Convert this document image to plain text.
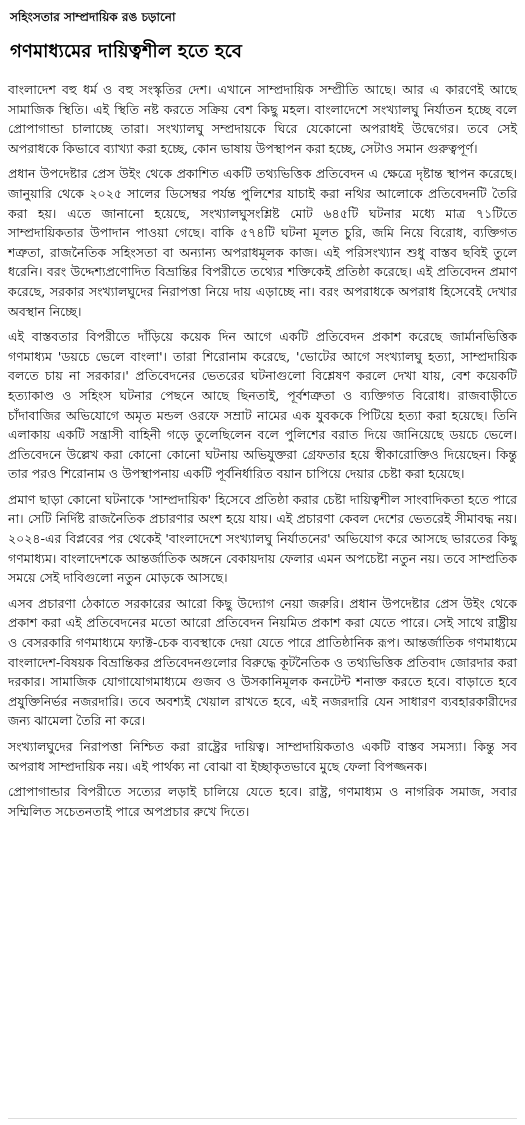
সহিংসতার সাম্প্রদায়িক রঙ চড়ানো
গণমাধ্যমের দায়িত্বশীল হতে হবে

বাংলাদেশ বহু ধর্ম ও বহু সংস্কৃতির দেশ। এখানে সাম্প্রদায়িক সম্প্রীতি আছে। আর এ কারণেই আছে সামাজিক স্থিতি। এই স্থিতি নষ্ট করতে সক্রিয় বেশ কিছু মহল। বাংলাদেশে সংখ্যালঘু নির্যাতন হচ্ছে বলে প্রোপাগান্ডা চালাচ্ছে তারা। সংখ্যালঘু সম্প্রদায়কে ঘিরে যেকোনো অপরাধই উদ্বেগের। তবে সেই অপরাধকে কিভাবে ব্যাখ্যা করা হচ্ছে, কোন ভাষায় উপস্থাপন করা হচ্ছে, সেটাও সমান গুরুত্বপূর্ণ।

প্রধান উপদেষ্টার প্রেস উইং থেকে প্রকাশিত একটি তথ্যভিত্তিক প্রতিবেদন এ ক্ষেত্রে দৃষ্টান্ত স্থাপন করেছে। জানুয়ারি থেকে ২০২৫ সালের ডিসেম্বর পর্যন্ত পুলিশের যাচাই করা নথির আলোকে প্রতিবেদনটি তৈরি করা হয়। এতে জানানো হয়েছে, সংখ্যালঘুসংশ্লিষ্ট মোট ৬৪৫টি ঘটনার মধ্যে মাত্র ৭১টিতে সাম্প্রদায়িকতার উপাদান পাওয়া গেছে। বাকি ৫৭৪টি ঘটনা মূলত চুরি, জমি নিয়ে বিরোধ, ব্যক্তিগত শত্রুতা, রাজনৈতিক সহিংসতা বা অন্যান্য অপরাধমূলক কাজ। এই পরিসংখ্যান শুধু বাস্তব ছবিই তুলে ধরেনি। বরং উদ্দেশ্যপ্রণোদিত বিভ্রান্তির বিপরীতে তথ্যের শক্তিকেই প্রতিষ্ঠা করেছে। এই প্রতিবেদন প্রমাণ করেছে, সরকার সংখ্যালঘুদের নিরাপত্তা নিয়ে দায় এড়াচ্ছে না। বরং অপরাধকে অপরাধ হিসেবেই দেখার অবস্থান নিচ্ছে।

এই বাস্তবতার বিপরীতে দাঁড়িয়ে কয়েক দিন আগে একটি প্রতিবেদন প্রকাশ করেছে জার্মানভিত্তিক গণমাধ্যম 'ডয়চে ভেলে বাংলা'। তারা শিরোনাম করেছে, 'ভোটের আগে সংখ্যালঘু হত্যা, সাম্প্রদায়িক বলতে চায় না সরকার।' প্রতিবেদনের ভেতরের ঘটনাগুলো বিশ্লেষণ করলে দেখা যায়, বেশ কয়েকটি হত্যাকাণ্ড ও সহিংস ঘটনার পেছনে আছে ছিনতাই, পূর্বশত্রুতা ও ব্যক্তিগত বিরোধ। রাজবাড়ীতে চাঁদাবাজির অভিযোগে অমৃত মন্ডল ওরফে সম্রাট নামের এক যুবককে পিটিয়ে হত্যা করা হয়েছে। তিনি এলাকায় একটি সন্ত্রাসী বাহিনী গড়ে তুলেছিলেন বলে পুলিশের বরাত দিয়ে জানিয়েছে ডয়চে ভেলে। প্রতিবেদনে উল্লেখ করা কোনো কোনো ঘটনায় অভিযুক্তরা গ্রেফতার হয়ে স্বীকারোক্তিও দিয়েছেন। কিন্তু তার পরও শিরোনাম ও উপস্থাপনায় একটি পূর্বনির্ধারিত বয়ান চাপিয়ে দেয়ার চেষ্টা করা হয়েছে।

প্রমাণ ছাড়া কোনো ঘটনাকে 'সাম্প্রদায়িক' হিসেবে প্রতিষ্ঠা করার চেষ্টা দায়িত্বশীল সাংবাদিকতা হতে পারে না। সেটি নির্দিষ্ট রাজনৈতিক প্রচারণার অংশ হয়ে যায়। এই প্রচারণা কেবল দেশের ভেতরেই সীমাবদ্ধ নয়। ২০২৪-এর বিপ্লবের পর থেকেই 'বাংলাদেশে সংখ্যালঘু নির্যাতনের' অভিযোগ করে আসছে ভারতের কিছু গণমাধ্যম। বাংলাদেশকে আন্তর্জাতিক অঙ্গনে বেকায়দায় ফেলার এমন অপচেষ্টা নতুন নয়। তবে সাম্প্রতিক সময়ে সেই দাবিগুলো নতুন মোড়কে আসছে।

এসব প্রচারণা ঠেকাতে সরকারের আরো কিছু উদ্যোগ নেয়া জরুরি। প্রধান উপদেষ্টার প্রেস উইং থেকে প্রকাশ করা এই প্রতিবেদনের মতো আরো প্রতিবেদন নিয়মিত প্রকাশ করা যেতে পারে। সেই সাথে রাষ্ট্রীয় ও বেসরকারি গণমাধ্যমে ফ্যাক্ট-চেক ব্যবস্থাকে দেয়া যেতে পারে প্রাতিষ্ঠানিক রূপ। আন্তর্জাতিক গণমাধ্যমে বাংলাদেশ-বিষয়ক বিভ্রান্তিকর প্রতিবেদনগুলোর বিরুদ্ধে কূটনৈতিক ও তথ্যভিত্তিক প্রতিবাদ জোরদার করা দরকার। সামাজিক যোগাযোগমাধ্যমে গুজব ও উসকানিমূলক কনটেন্ট শনাক্ত করতে হবে। বাড়াতে হবে প্রযুক্তিনির্ভর নজরদারি। তবে অবশ্যই খেয়াল রাখতে হবে, এই নজরদারি যেন সাধারণ ব্যবহারকারীদের জন্য ঝামেলা তৈরি না করে।

সংখ্যালঘুদের নিরাপত্তা নিশ্চিত করা রাষ্ট্রের দায়িত্ব। সাম্প্রদায়িকতাও একটি বাস্তব সমস্যা। কিন্তু সব অপরাধ সাম্প্রদায়িক নয়। এই পার্থক্য না বোঝা বা ইচ্ছাকৃতভাবে মুছে ফেলা বিপজ্জনক।

প্রোপাগান্ডার বিপরীতে সত্যের লড়াই চালিয়ে যেতে হবে। রাষ্ট্র, গণমাধ্যম ও নাগরিক সমাজ, সবার সম্মিলিত সচেতনতাই পারে অপপ্রচার রুখে দিতে।
